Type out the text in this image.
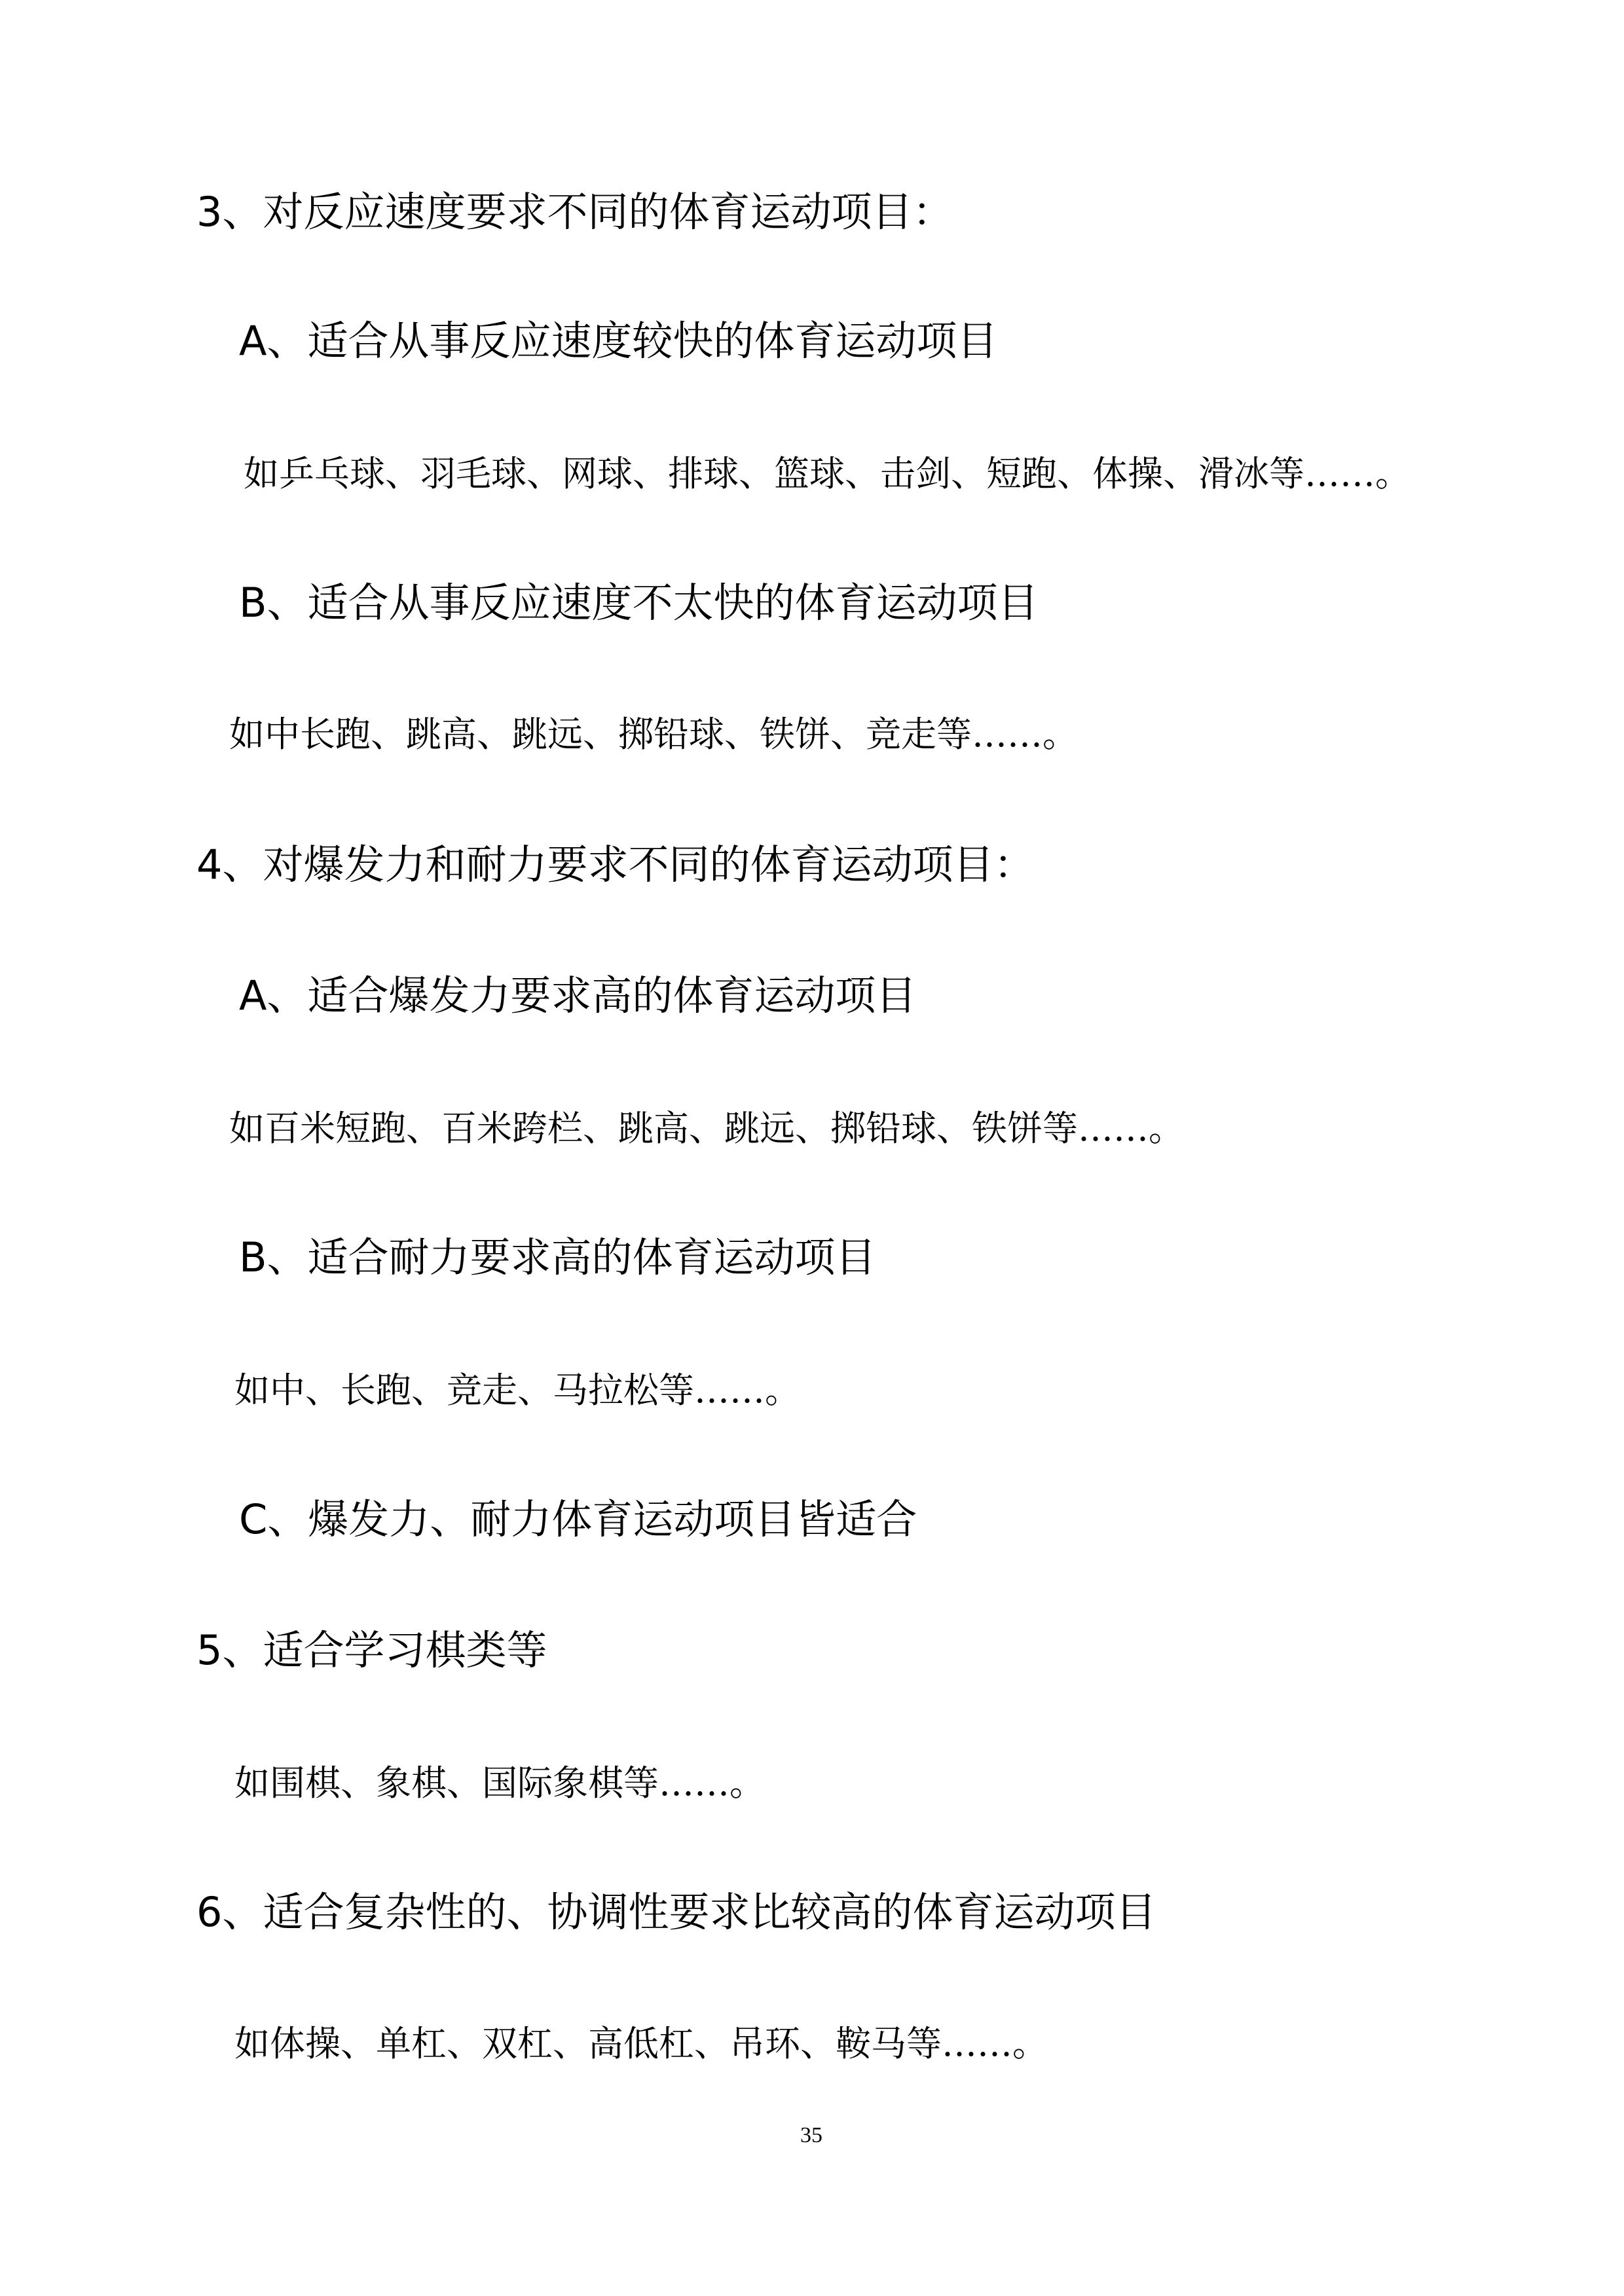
3、对反应速度要求不同的体育运动项目：
A、适合从事反应速度较快的体育运动项目
如乒乓球、羽毛球、网球、排球、篮球、击剑、短跑、体操、滑冰等……。
B、适合从事反应速度不太快的体育运动项目
如中长跑、跳高、跳远、掷铅球、铁饼、竞走等……。
4、对爆发力和耐力要求不同的体育运动项目：
A、适合爆发力要求高的体育运动项目
如百米短跑、百米跨栏、跳高、跳远、掷铅球、铁饼等……。
B、适合耐力要求高的体育运动项目
如中、长跑、竞走、马拉松等……。
C、爆发力、耐力体育运动项目皆适合
5、适合学习棋类等
如围棋、象棋、国际象棋等……。
6、适合复杂性的、协调性要求比较高的体育运动项目
如体操、单杠、双杠、高低杠、吊环、鞍马等……。
35
